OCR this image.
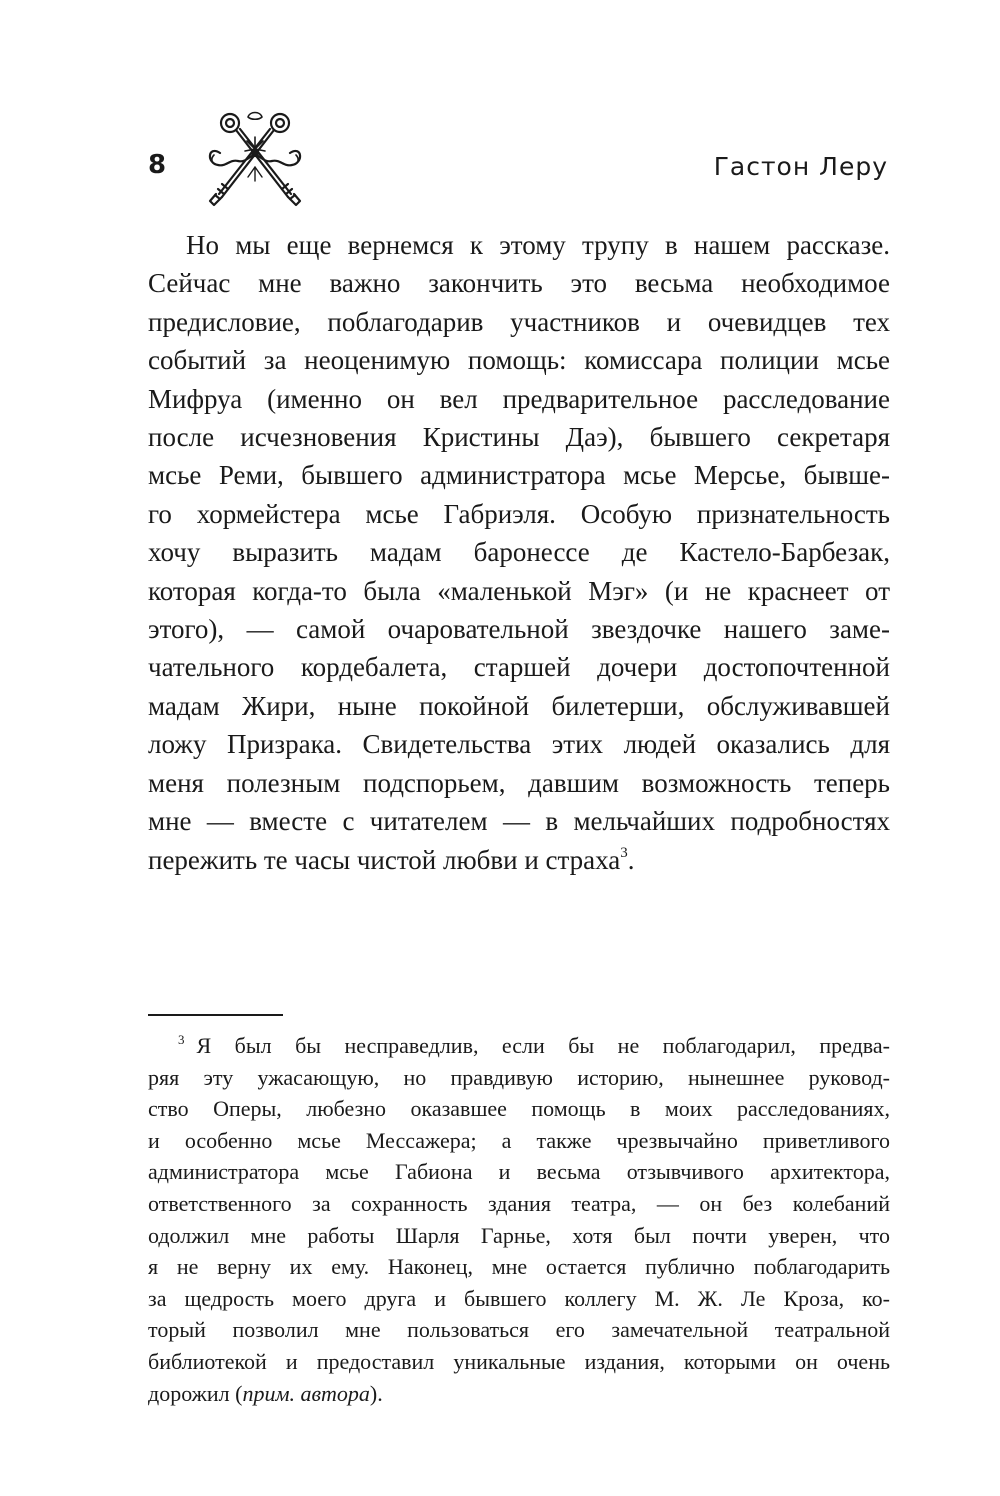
8	Гастон Леру
Но мы еще вернемся к этому трупу в нашем рассказе.
Сейчас мне важно закончить это весьма необходимое
предисловие, поблагодарив участников и очевидцев тех
событий за неоценимую помощь: комиссара полиции мсье
Мифруа (именно он вел предварительное расследование
после исчезновения Кристины Даэ), бывшего секретаря
мсье Реми, бывшего администратора мсье Мерсье, бывше-
го хормейстера мсье Габриэля. Особую признательность
хочу выразить мадам баронессе де Кастело-Барбезак,
которая когда-то была «маленькой Мэг» (и не краснеет от
этого), — самой очаровательной звездочке нашего заме-
чательного кордебалета, старшей дочери достопочтенной
мадам Жири, ныне покойной билетерши, обслуживавшей
ложу Призрака. Свидетельства этих людей оказались для
меня полезным подспорьем, давшим возможность теперь
мне — вместе с читателем — в мельчайших подробностях
пережить те часы чистой любви и страха$^3$.
3 Я был бы несправедлив, если бы не поблагодарил, предва-
ряя эту ужасающую, но правдивую историю, нынешнее руковод-
ство Оперы, любезно оказавшее помощь в моих расследованиях,
и особенно мсье Мессажера; а также чрезвычайно приветливого
администратора мсье Габиона и весьма отзывчивого архитектора,
ответственного за сохранность здания театра, — он без колебаний
одолжил мне работы Шарля Гарнье, хотя был почти уверен, что
я не верну их ему. Наконец, мне остается публично поблагодарить
за щедрость моего друга и бывшего коллегу М. Ж. Ле Кроза, ко-
торый позволил мне пользоваться его замечательной театральной
библиотекой и предоставил уникальные издания, которыми он очень
дорожил (прим. автора).
